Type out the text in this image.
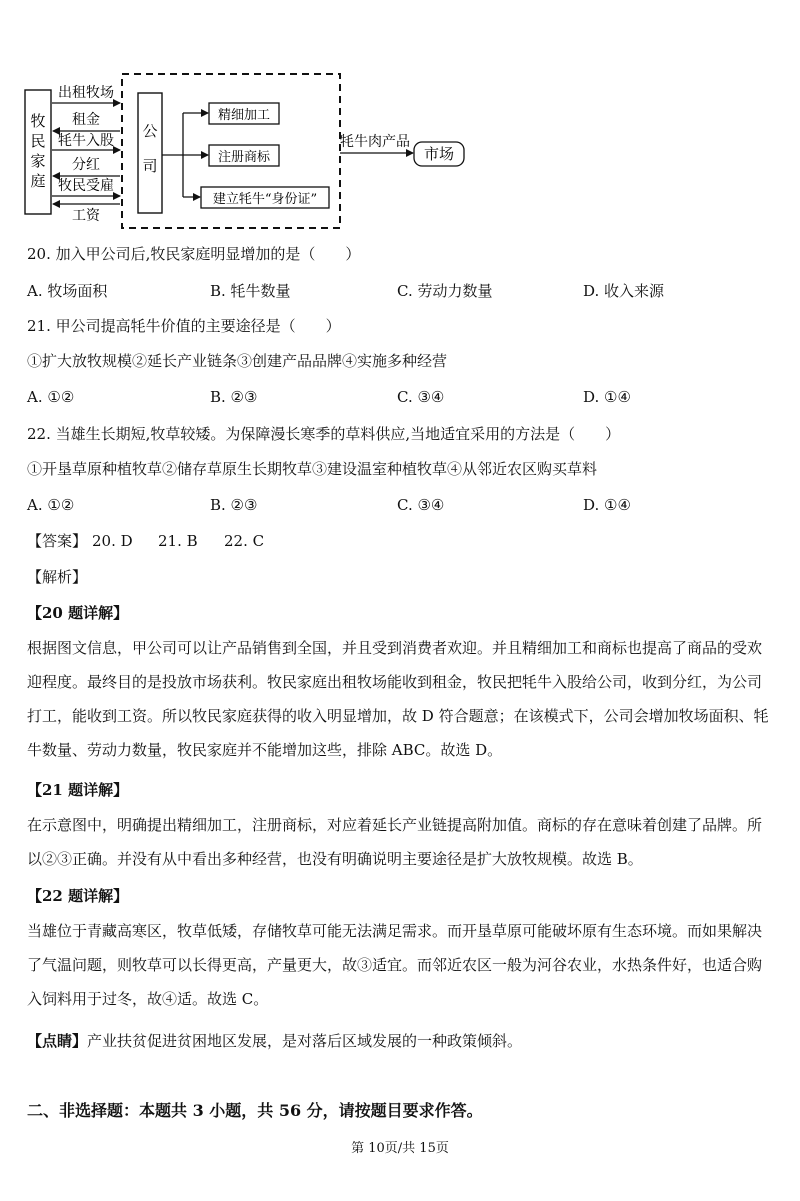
牧
民
家
庭
公
司
出租牧场
租金
牦牛入股
分红
牧民受雇
工资
精细加工
注册商标
建立牦牛“身份证”
牦牛肉产品
市场
20. 加入甲公司后,牧民家庭明显增加的是（　　）
A. 牧场面积	B. 牦牛数量	C. 劳动力数量	D. 收入来源
21. 甲公司提高牦牛价值的主要途径是（　　）
①扩大放牧规模②延长产业链条③创建产品品牌④实施多种经营
A. ①②	B. ②③	C. ③④	D. ①④
22. 当雄生长期短,牧草较矮。为保障漫长寒季的草料供应,当地适宜采用的方法是（　　）
①开垦草原种植牧草②储存草原生长期牧草③建设温室种植牧草④从邻近农区购买草料
A. ①②	B. ②③	C. ③④	D. ①④
【答案】 20. D 21. B 22. C
【解析】
【20 题详解】
根据图文信息，甲公司可以让产品销售到全国，并且受到消费者欢迎。并且精细加工和商标也提高了商品的受欢迎程度。最终目的是投放市场获利。牧民家庭出租牧场能收到租金，牧民把牦牛入股给公司，收到分红，为公司打工，能收到工资。所以牧民家庭获得的收入明显增加，故 D 符合题意；在该模式下，公司会增加牧场面积、牦牛数量、劳动力数量，牧民家庭并不能增加这些，排除 ABC。故选 D。
【21 题详解】
在示意图中，明确提出精细加工，注册商标，对应着延长产业链提高附加值。商标的存在意味着创建了品牌。所以②③正确。并没有从中看出多种经营，也没有明确说明主要途径是扩大放牧规模。故选 B。
【22 题详解】
当雄位于青藏高寒区，牧草低矮，存储牧草可能无法满足需求。而开垦草原可能破坏原有生态环境。而如果解决了气温问题，则牧草可以长得更高，产量更大，故③适宜。而邻近农区一般为河谷农业，水热条件好，也适合购入饲料用于过冬，故④适。故选 C。
【点睛】产业扶贫促进贫困地区发展，是对落后区域发展的一种政策倾斜。
二、非选择题：本题共 3 小题，共 56 分，请按题目要求作答。
第 10页/共 15页
